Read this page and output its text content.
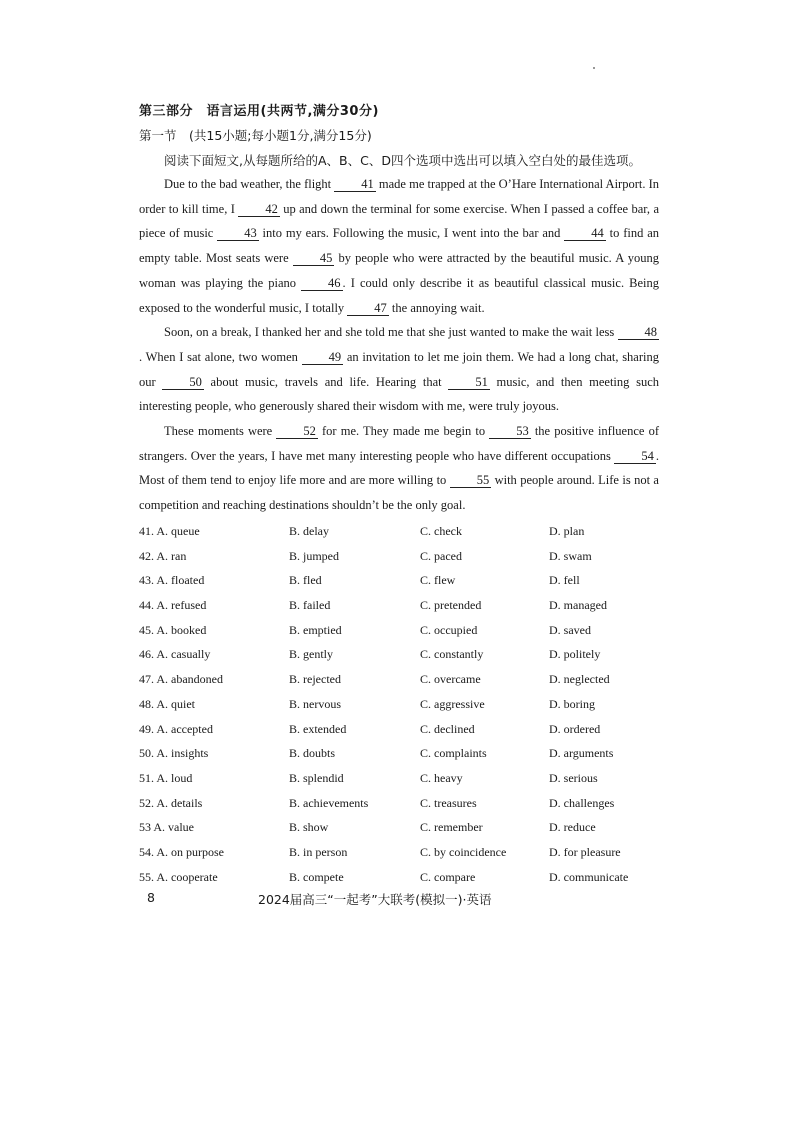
第三部分　语言运用(共两节,满分30分)
第一节　(共15小题;每小题1分,满分15分)
阅读下面短文,从每题所给的A、B、C、D四个选项中选出可以填入空白处的最佳选项。

Due to the bad weather, the flight 41 made me trapped at the O’Hare International Airport. In order to kill time, I 42 up and down the terminal for some exercise. When I passed a coffee bar, a piece of music 43 into my ears. Following the music, I went into the bar and 44 to find an empty table. Most seats were 45 by people who were attracted by the beautiful music. A young woman was playing the piano 46 . I could only describe it as beautiful classical music. Being exposed to the wonderful music, I totally 47 the annoying wait.

Soon, on a break, I thanked her and she told me that she just wanted to make the wait less 48. When I sat alone, two women 49 an invitation to let me join them. We had a long chat, sharing our 50 about music, travels and life. Hearing that 51 music, and then meeting such interesting people, who generously shared their wisdom with me, were truly joyous.

These moments were 52 for me. They made me begin to 53 the positive influence of strangers. Over the years, I have met many interesting people who have different occupations 54 . Most of them tend to enjoy life more and are more willing to 55 with people around. Life is not a competition and reaching destinations shouldn’t be the only goal.

41. A. queue	B. delay	C. check	D. plan
42. A. ran	B. jumped	C. paced	D. swam
43. A. floated	B. fled	C. flew	D. fell
44. A. refused	B. failed	C. pretended	D. managed
45. A. booked	B. emptied	C. occupied	D. saved
46. A. casually	B. gently	C. constantly	D. politely
47. A. abandoned	B. rejected	C. overcame	D. neglected
48. A. quiet	B. nervous	C. aggressive	D. boring
49. A. accepted	B. extended	C. declined	D. ordered
50. A. insights	B. doubts	C. complaints	D. arguments
51. A. loud	B. splendid	C. heavy	D. serious
52. A. details	B. achievements	C. treasures	D. challenges
53 A. value	B. show	C. remember	D. reduce
54. A. on purpose	B. in person	C. by coincidence	D. for pleasure
55. A. cooperate	B. compete	C. compare	D. communicate
8	2024届高三“一起考”大联考(模拟一)·英语
